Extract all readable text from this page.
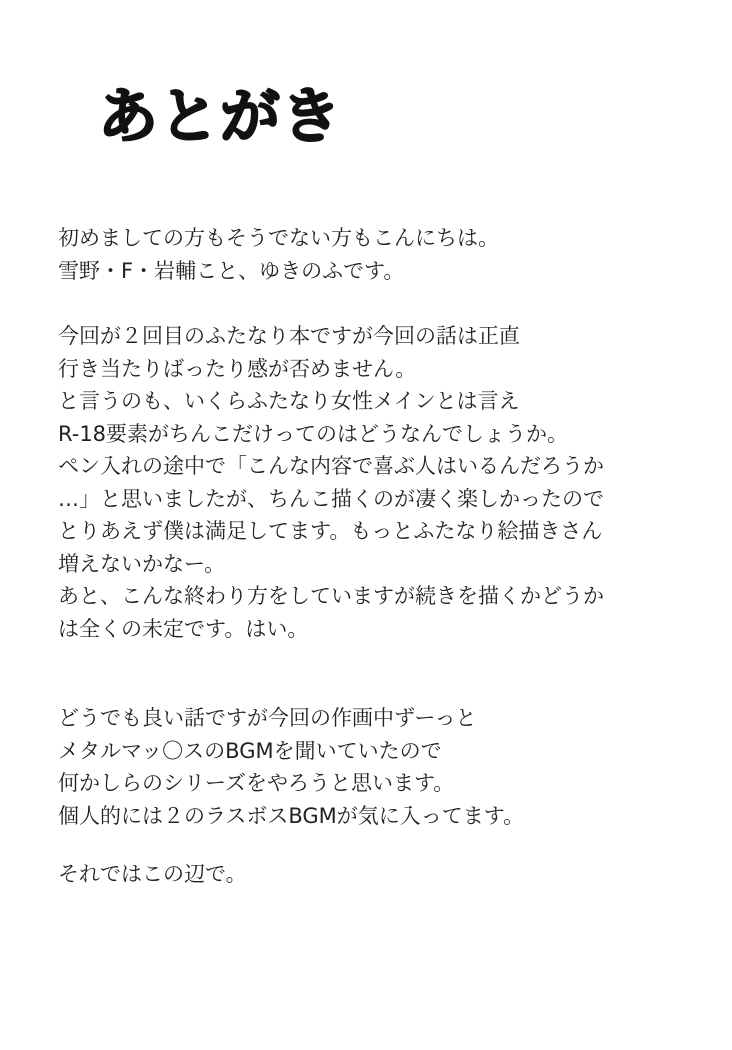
あとがき
初めましての方もそうでない方もこんにちは。
雪野・F・岩輔こと、ゆきのふです。
今回が２回目のふたなり本ですが今回の話は正直
行き当たりばったり感が否めません。
と言うのも、いくらふたなり女性メインとは言え
R-18要素がちんこだけってのはどうなんでしょうか。
ペン入れの途中で「こんな内容で喜ぶ人はいるんだろうか
…」と思いましたが、ちんこ描くのが凄く楽しかったので
とりあえず僕は満足してます。もっとふたなり絵描きさん
増えないかなー。
あと、こんな終わり方をしていますが続きを描くかどうか
は全くの未定です。はい。
どうでも良い話ですが今回の作画中ずーっと
メタルマッ〇スのBGMを聞いていたので
何かしらのシリーズをやろうと思います。
個人的には２のラスボスBGMが気に入ってます。
それではこの辺で。
